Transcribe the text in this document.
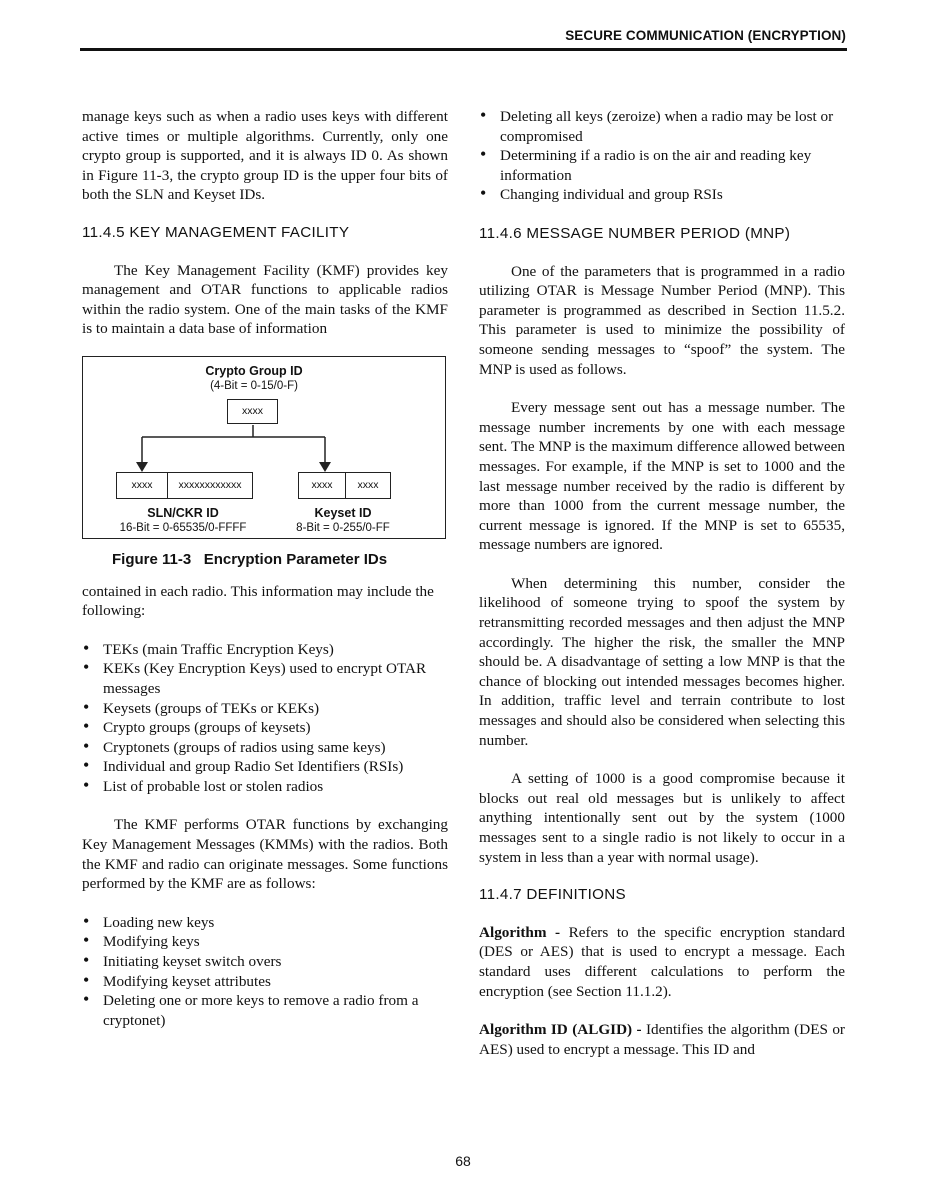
SECURE COMMUNICATION (ENCRYPTION)

manage keys such as when a radio uses keys with different active times or multiple algorithms. Currently, only one crypto group is supported, and it is always ID 0. As shown in Figure 11-3, the crypto group ID is the upper four bits of both the SLN and Keyset IDs.

11.4.5 KEY MANAGEMENT FACILITY

The Key Management Facility (KMF) provides key management and OTAR functions to applicable radios within the radio system. One of the main tasks of the KMF is to maintain a data base of information

Crypto Group ID
(4-Bit = 0-15/0-F)
xxxx
xxxx	xxxxxxxxxxxx	xxxx	xxxx
SLN/CKR ID
16-Bit = 0-65535/0-FFFF
Keyset ID
8-Bit = 0-255/0-FF

Figure 11-3   Encryption Parameter IDs

contained in each radio. This information may include the following:

• TEKs (main Traffic Encryption Keys)
• KEKs (Key Encryption Keys) used to encrypt OTAR messages
• Keysets (groups of TEKs or KEKs)
• Crypto groups (groups of keysets)
• Cryptonets (groups of radios using same keys)
• Individual and group Radio Set Identifiers (RSIs)
• List of probable lost or stolen radios

The KMF performs OTAR functions by exchanging Key Management Messages (KMMs) with the radios. Both the KMF and radio can originate messages. Some functions performed by the KMF are as follows:

• Loading new keys
• Modifying keys
• Initiating keyset switch overs
• Modifying keyset attributes
• Deleting one or more keys to remove a radio from a cryptonet)
• Deleting all keys (zeroize) when a radio may be lost or compromised
• Determining if a radio is on the air and reading key information
• Changing individual and group RSIs

11.4.6 MESSAGE NUMBER PERIOD (MNP)

One of the parameters that is programmed in a radio utilizing OTAR is Message Number Period (MNP). This parameter is programmed as described in Section 11.5.2. This parameter is used to minimize the possibility of someone sending messages to “spoof” the system. The MNP is used as follows.

Every message sent out has a message number. The message number increments by one with each message sent. The MNP is the maximum difference allowed between messages. For example, if the MNP is set to 1000 and the last message number received by the radio is different by more than 1000 from the current message number, the current message is ignored. If the MNP is set to 65535, message numbers are ignored.

When determining this number, consider the likelihood of someone trying to spoof the system by retransmitting recorded messages and then adjust the MNP accordingly. The higher the risk, the smaller the MNP should be. A disadvantage of setting a low MNP is that the chance of blocking out intended messages becomes higher. In addition, traffic level and terrain contribute to lost messages and should also be considered when selecting this number.

A setting of 1000 is a good compromise because it blocks out real old messages but is unlikely to affect anything intentionally sent out by the system (1000 messages sent to a single radio is not likely to occur in a system in less than a year with normal usage).

11.4.7 DEFINITIONS

Algorithm - Refers to the specific encryption standard (DES or AES) that is used to encrypt a message. Each standard uses different calculations to perform the encryption (see Section 11.1.2).

Algorithm ID (ALGID) - Identifies the algorithm (DES or AES) used to encrypt a message. This ID and

68
